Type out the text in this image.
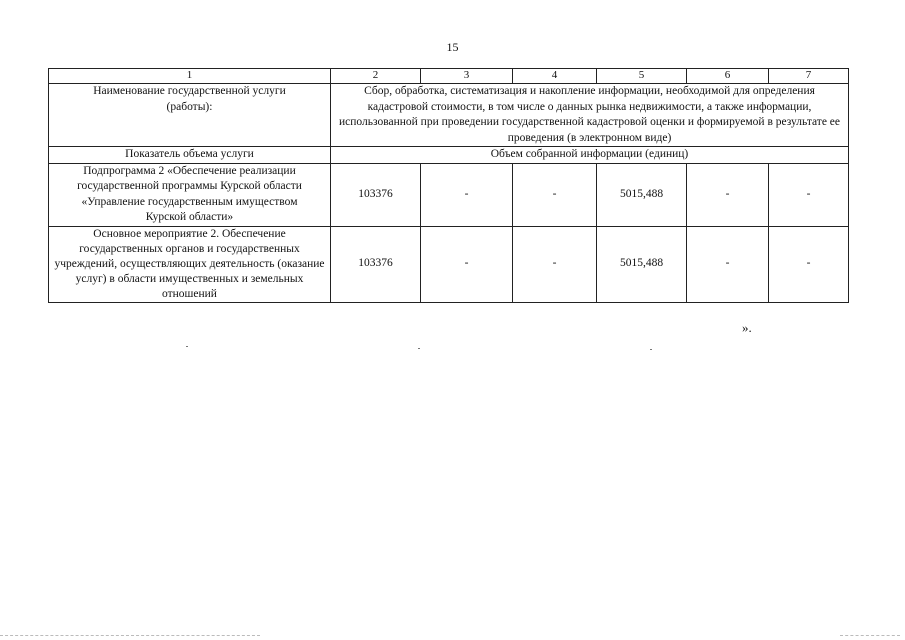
15
1	2	3	4	5	6	7
Наименование государственной услуги (работы):	Сбор, обработка, систематизация и накопление информации, необходимой для определения кадастровой стоимости, в том числе о данных рынка недвижимости, а также информации, использованной при проведении государственной кадастровой оценки и формируемой в результате ее проведения (в электронном виде)					
Показатель объема услуги	Объем собранной информации (единиц)					
Подпрограмма 2 «Обеспечение реализации государственной программы Курской области «Управление государственным имуществом Курской области»	103376	-	-	5015,488	-	-
Основное мероприятие 2. Обеспечение государственных органов и государственных учреждений, осуществляющих деятельность (оказание услуг) в области имущественных и земельных отношений	103376	-	-	5015,488	-	-
».
